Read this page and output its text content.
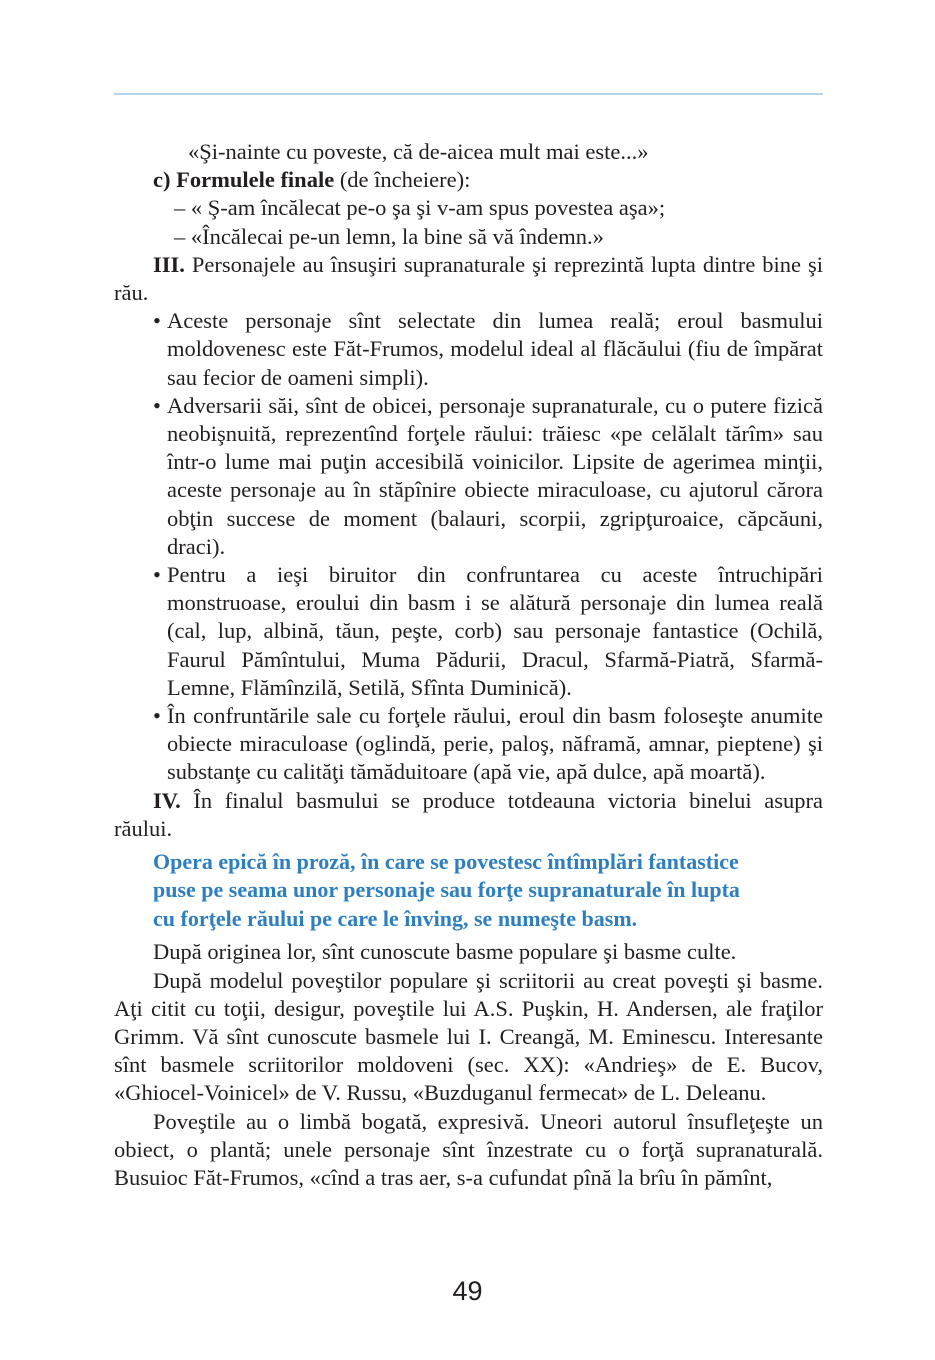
«Şi-nainte cu poveste, că de-aicea mult mai este...»

c) Formulele finale (de încheiere):

– « Ş-am încălecat pe-o şa şi v-am spus povestea aşa»;

– «Încălecai pe-un lemn, la bine să vă îndemn.»

III. Personajele au însuşiri supranaturale şi reprezintă lupta dintre bine şi rău.

• Aceste personaje sînt selectate din lumea reală; eroul basmului moldovenesc este Făt-Frumos, modelul ideal al flăcăului (fiu de împărat sau fecior de oameni simpli).
• Adversarii săi, sînt de obicei, personaje supranaturale, cu o putere fizică neobişnuită, reprezentînd forţele răului: trăiesc «pe celălalt tărîm» sau într-o lume mai puţin accesibilă voinicilor. Lipsite de agerimea minţii, aceste personaje au în stăpînire obiecte miraculoase, cu ajutorul cărora obţin succese de moment (balauri, scorpii, zgripţuroaice, căpcăuni, draci).
• Pentru a ieşi biruitor din confruntarea cu aceste întruchipări monstruoase, eroului din basm i se alătură personaje din lumea reală (cal, lup, albină, tăun, peşte, corb) sau personaje fantastice (Ochilă, Faurul Pămîntului, Muma Pădurii, Dracul, Sfarmă-Piatră, Sfarmă-Lemne, Flămînzilă, Setilă, Sfînta Duminică).
• În confruntările sale cu forţele răului, eroul din basm foloseşte anumite obiecte miraculoase (oglindă, perie, paloş, năframă, amnar, pieptene) şi substanţe cu calităţi tămăduitoare (apă vie, apă dulce, apă moartă).

IV. În finalul basmului se produce totdeauna victoria binelui asupra răului.

Opera epică în proză, în care se povestesc întîmplări fantastice
puse pe seama unor personaje sau forţe supranaturale în lupta
cu forţele răului pe care le înving, se numeşte basm.

După originea lor, sînt cunoscute basme populare şi basme culte.

După modelul poveştilor populare şi scriitorii au creat poveşti şi basme. Aţi citit cu toţii, desigur, poveştile lui A.S. Puşkin, H. Andersen, ale fraţilor Grimm. Vă sînt cunoscute basmele lui I. Creangă, M. Eminescu. Interesante sînt basmele scriitorilor moldoveni (sec. XX): «Andrieş» de E. Bucov, «Ghiocel-Voinicel» de V. Russu, «Buzduganul fermecat» de L. Deleanu.

Poveştile au o limbă bogată, expresivă. Uneori autorul însufleţeşte un obiect, o plantă; unele personaje sînt înzestrate cu o forţă supranaturală. Busuioc Făt-Frumos, «cînd a tras aer, s-a cufundat pînă la brîu în pămînt,

49
